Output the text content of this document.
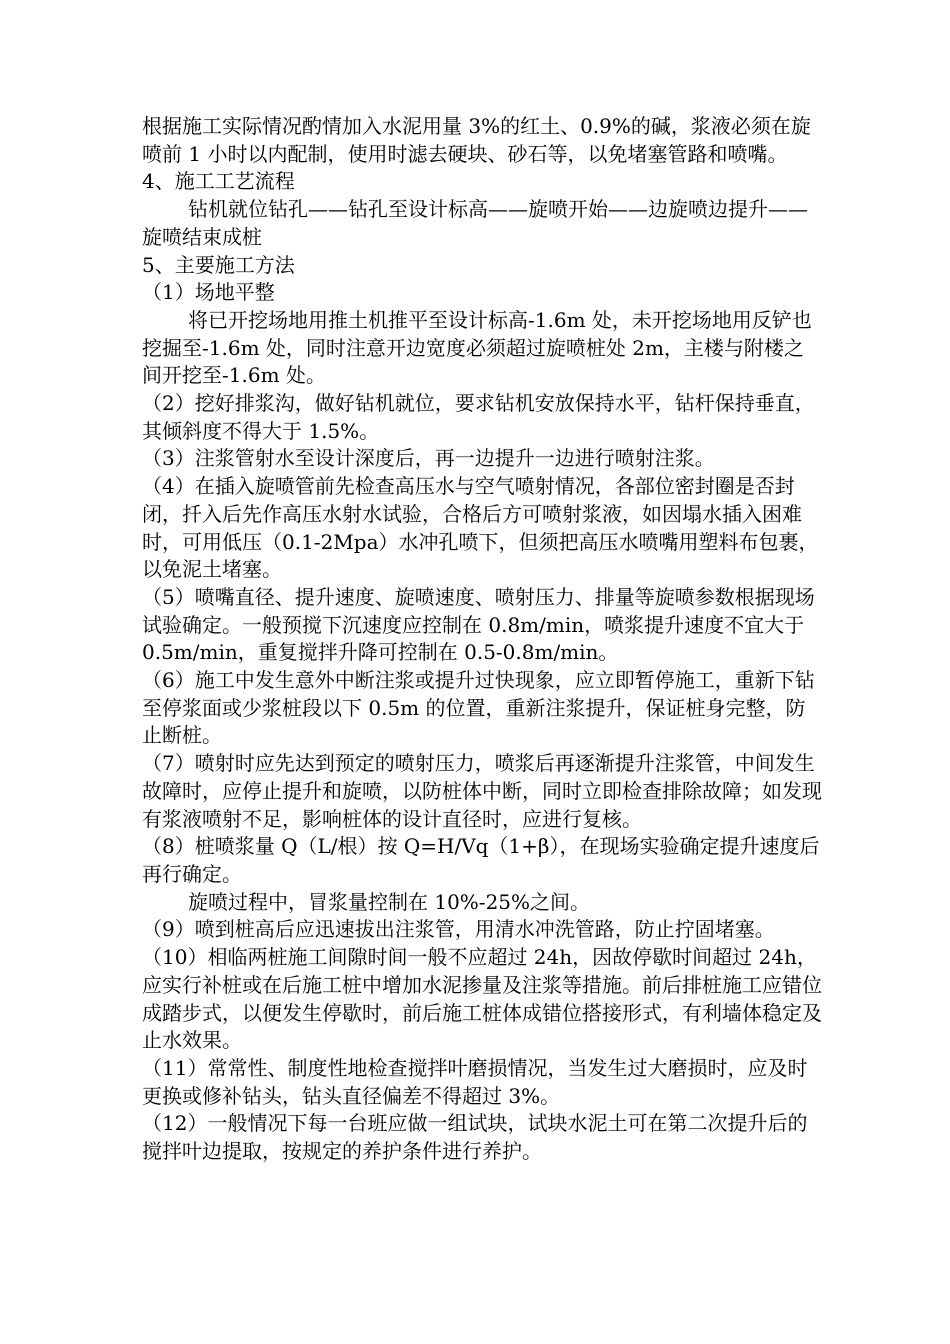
根据施工实际情况酌情加入水泥用量 3%的红土、0.9%的碱，浆液必须在旋喷前 1 小时以内配制，使用时滤去硬块、砂石等，以免堵塞管路和喷嘴。

4、施工工艺流程

钻机就位钻孔——钻孔至设计标高——旋喷开始——边旋喷边提升——旋喷结束成桩

5、主要施工方法

（1）场地平整

将已开挖场地用推土机推平至设计标高-1.6m 处，未开挖场地用反铲也挖掘至-1.6m 处，同时注意开边宽度必须超过旋喷桩处 2m，主楼与附楼之间开挖至-1.6m 处。

（2）挖好排浆沟，做好钻机就位，要求钻机安放保持水平，钻杆保持垂直，其倾斜度不得大于 1.5%。

（3）注浆管射水至设计深度后，再一边提升一边进行喷射注浆。

（4）在插入旋喷管前先检查高压水与空气喷射情况，各部位密封圈是否封闭，扦入后先作高压水射水试验，合格后方可喷射浆液，如因塌水插入困难时，可用低压（0.1-2Mpa）水冲孔喷下，但须把高压水喷嘴用塑料布包裹，以免泥土堵塞。

（5）喷嘴直径、提升速度、旋喷速度、喷射压力、排量等旋喷参数根据现场试验确定。一般预搅下沉速度应控制在 0.8m/min，喷浆提升速度不宜大于 0.5m/min，重复搅拌升降可控制在 0.5-0.8m/min。

（6）施工中发生意外中断注浆或提升过快现象，应立即暂停施工，重新下钻至停浆面或少浆桩段以下 0.5m 的位置，重新注浆提升，保证桩身完整，防止断桩。

（7）喷射时应先达到预定的喷射压力，喷浆后再逐渐提升注浆管，中间发生故障时，应停止提升和旋喷，以防桩体中断，同时立即检查排除故障；如发现有浆液喷射不足，影响桩体的设计直径时，应进行复核。

（8）桩喷浆量 Q（L/根）按 Q=H/Vq（1+β），在现场实验确定提升速度后再行确定。

旋喷过程中，冒浆量控制在 10%-25%之间。

（9）喷到桩高后应迅速拔出注浆管，用清水冲洗管路，防止拧固堵塞。

（10）相临两桩施工间隙时间一般不应超过 24h，因故停歇时间超过 24h，应实行补桩或在后施工桩中增加水泥掺量及注浆等措施。前后排桩施工应错位成踏步式，以便发生停歇时，前后施工桩体成错位搭接形式，有利墙体稳定及止水效果。

（11）常常性、制度性地检查搅拌叶磨损情况，当发生过大磨损时，应及时更换或修补钻头，钻头直径偏差不得超过 3%。

（12）一般情况下每一台班应做一组试块，试块水泥土可在第二次提升后的搅拌叶边提取，按规定的养护条件进行养护。
